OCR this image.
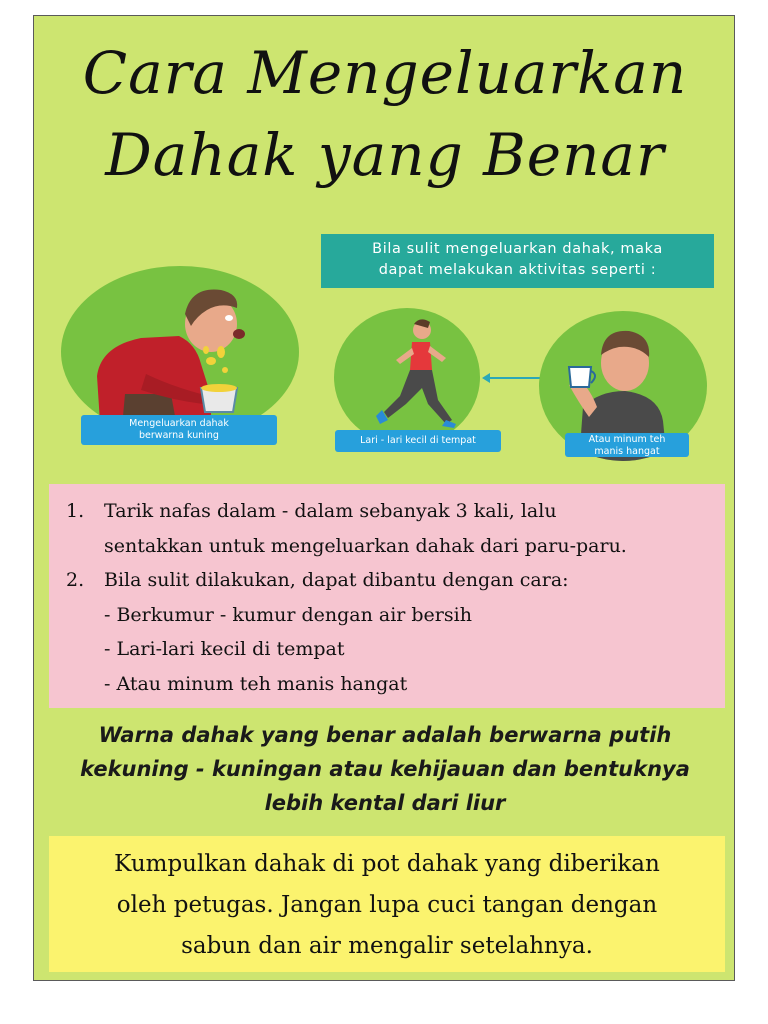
Cara Mengeluarkan
Dahak yang Benar
Mengeluarkan dahak
berwarna kuning
Bila sulit mengeluarkan dahak, maka
dapat melakukan aktivitas seperti :
Lari - lari kecil di tempat	Atau minum teh
manis hangat
1. Tarik nafas dalam - dalam sebanyak 3 kali, lalu
sentakkan untuk mengeluarkan dahak dari paru-paru.
2. Bila sulit dilakukan, dapat dibantu dengan cara:
- Berkumur - kumur dengan air bersih
- Lari-lari kecil di tempat
- Atau minum teh manis hangat
Warna dahak yang benar adalah berwarna putih
kekuning - kuningan atau kehijauan dan bentuknya
lebih kental dari liur
Kumpulkan dahak di pot dahak yang diberikan
oleh petugas. Jangan lupa cuci tangan dengan
sabun dan air mengalir setelahnya.
